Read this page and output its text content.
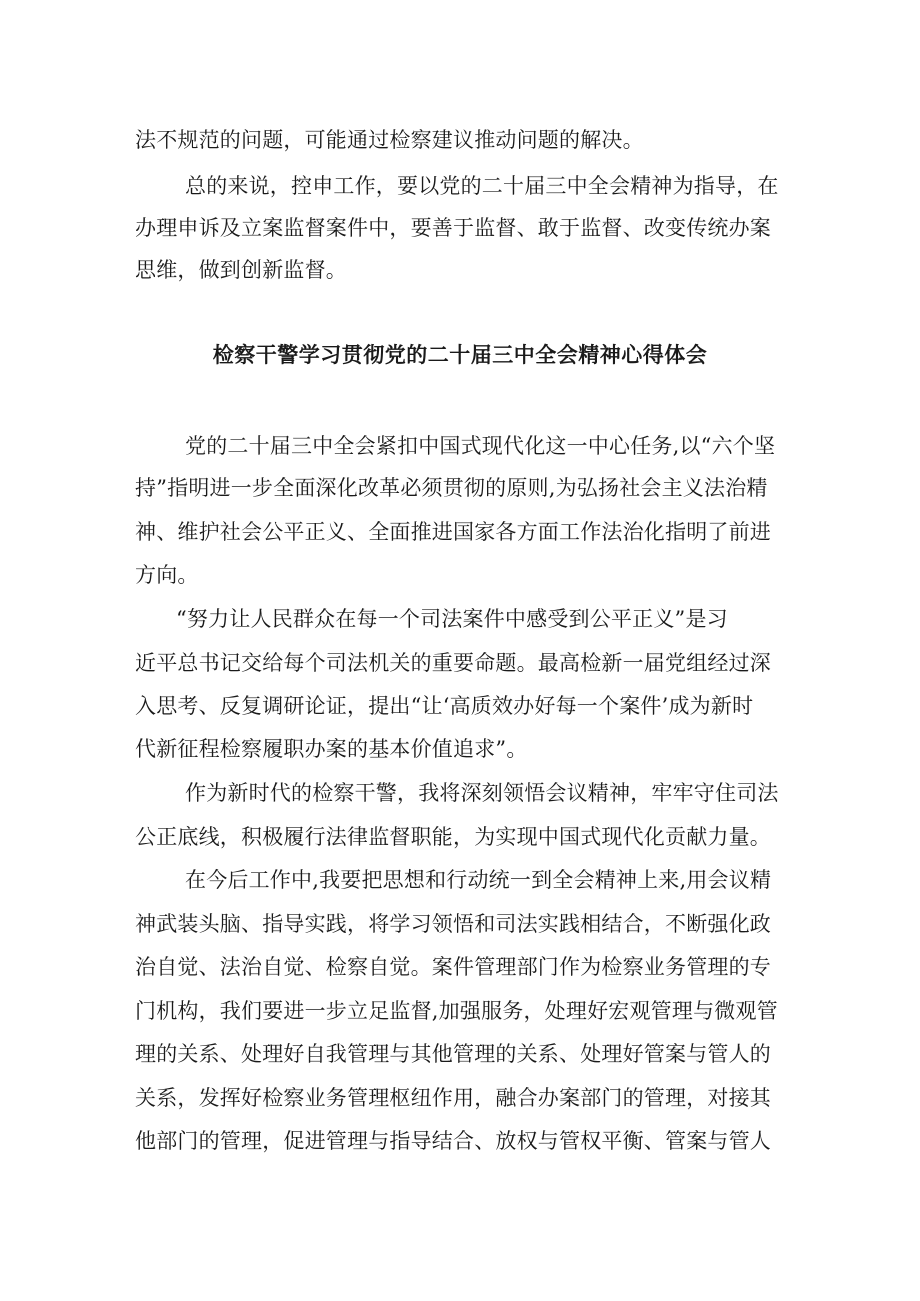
法不规范的问题，可能通过检察建议推动问题的解决。
总的来说，控申工作，要以党的二十届三中全会精神为指导，在
办理申诉及立案监督案件中，要善于监督、敢于监督、改变传统办案
思维，做到创新监督。
检察干警学习贯彻党的二十届三中全会精神心得体会
党的二十届三中全会紧扣中国式现代化这一中心任务,以“六个坚
持”指明进一步全面深化改革必须贯彻的原则,为弘扬社会主义法治精
神、维护社会公平正义、全面推进国家各方面工作法治化指明了前进
方向。
“努力让人民群众在每一个司法案件中感受到公平正义”是习
近平总书记交给每个司法机关的重要命题。最高检新一届党组经过深
入思考、反复调研论证，提出“让‘高质效办好每一个案件’成为新时
代新征程检察履职办案的基本价值追求”。
作为新时代的检察干警，我将深刻领悟会议精神，牢牢守住司法
公正底线，积极履行法律监督职能，为实现中国式现代化贡献力量。
在今后工作中,我要把思想和行动统一到全会精神上来,用会议精
神武装头脑、指导实践，将学习领悟和司法实践相结合，不断强化政
治自觉、法治自觉、检察自觉。案件管理部门作为检察业务管理的专
门机构，我们要进一步立足监督,加强服务，处理好宏观管理与微观管
理的关系、处理好自我管理与其他管理的关系、处理好管案与管人的
关系，发挥好检察业务管理枢纽作用，融合办案部门的管理，对接其
他部门的管理，促进管理与指导结合、放权与管权平衡、管案与管人
